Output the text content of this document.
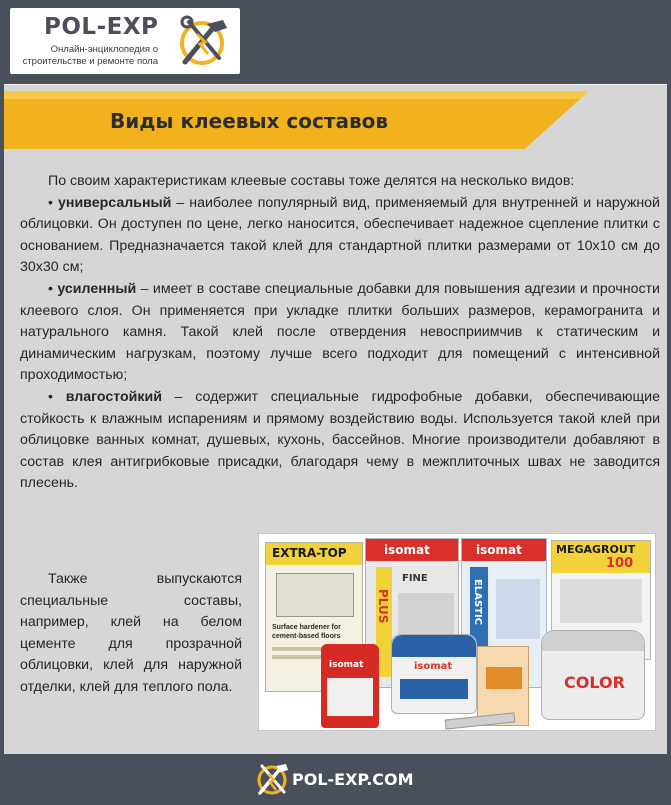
POL-EXP
Онлайн-энциклопедия о
строительстве и ремонте пола
Виды клеевых составов

По своим характеристикам клеевые составы тоже делятся на несколько видов:

• универсальный – наиболее популярный вид, применяемый для внутренней и наружной облицовки. Он доступен по цене, легко наносится, обеспечивает надежное сцепление плитки с основанием. Предназначается такой клей для стандартной плитки размерами от 10х10 см до 30х30 см;

• усиленный – имеет в составе специальные добавки для повышения адгезии и прочности клеевого слоя. Он применяется при укладке плитки больших размеров, керамогранита и натурального камня. Такой клей после отвердения невосприимчив к статическим и динамическим нагрузкам, поэтому лучше всего подходит для помещений с интенсивной проходимостью;

• влагостойкий – содержит специальные гидрофобные добавки, обеспечивающие стойкость к влажным испарениям и прямому воздействию воды. Используется такой клей при облицовке ванных комнат, душевых, кухонь, бассейнов. Многие производители добавляют в состав клея антигрибковые присадки, благодаря чему в межплиточных швах не заводится плесень.

Также выпускаются специальные составы, например, клей на белом цементе для прозрачной облицовки, клей для наружной отделки, клей для теплого пола.

EXTRA-TOP
Surface hardener for cement-based floors
isomat
PLUS
FINE
isomat
ELASTIC
MEGAGROUT
100
isomat	isomat
COLOR
POL-EXP.COM
